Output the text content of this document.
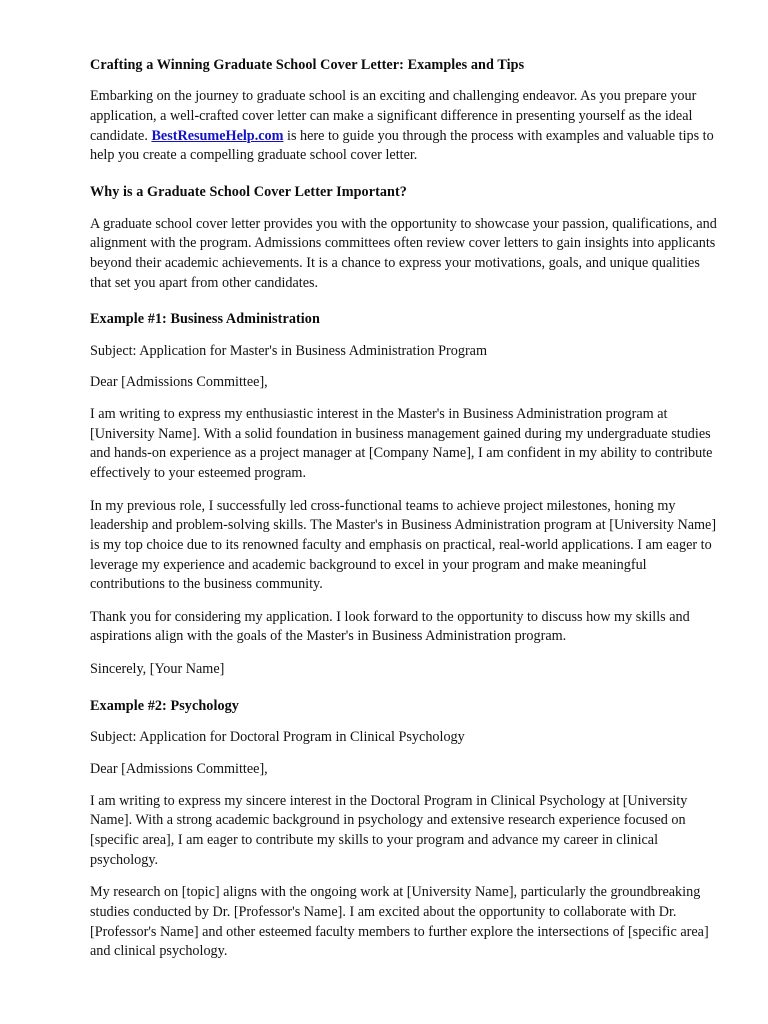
Crafting a Winning Graduate School Cover Letter: Examples and Tips

Embarking on the journey to graduate school is an exciting and challenging endeavor. As you prepare your application, a well-crafted cover letter can make a significant difference in presenting yourself as the ideal candidate. BestResumeHelp.com is here to guide you through the process with examples and valuable tips to help you create a compelling graduate school cover letter.

Why is a Graduate School Cover Letter Important?

A graduate school cover letter provides you with the opportunity to showcase your passion, qualifications, and alignment with the program. Admissions committees often review cover letters to gain insights into applicants beyond their academic achievements. It is a chance to express your motivations, goals, and unique qualities that set you apart from other candidates.

Example #1: Business Administration

Subject: Application for Master's in Business Administration Program

Dear [Admissions Committee],

I am writing to express my enthusiastic interest in the Master's in Business Administration program at [University Name]. With a solid foundation in business management gained during my undergraduate studies and hands-on experience as a project manager at [Company Name], I am confident in my ability to contribute effectively to your esteemed program.

In my previous role, I successfully led cross-functional teams to achieve project milestones, honing my leadership and problem-solving skills. The Master's in Business Administration program at [University Name] is my top choice due to its renowned faculty and emphasis on practical, real-world applications. I am eager to leverage my experience and academic background to excel in your program and make meaningful contributions to the business community.

Thank you for considering my application. I look forward to the opportunity to discuss how my skills and aspirations align with the goals of the Master's in Business Administration program.

Sincerely, [Your Name]

Example #2: Psychology

Subject: Application for Doctoral Program in Clinical Psychology

Dear [Admissions Committee],

I am writing to express my sincere interest in the Doctoral Program in Clinical Psychology at [University Name]. With a strong academic background in psychology and extensive research experience focused on [specific area], I am eager to contribute my skills to your program and advance my career in clinical psychology.

My research on [topic] aligns with the ongoing work at [University Name], particularly the groundbreaking studies conducted by Dr. [Professor's Name]. I am excited about the opportunity to collaborate with Dr. [Professor's Name] and other esteemed faculty members to further explore the intersections of [specific area] and clinical psychology.
